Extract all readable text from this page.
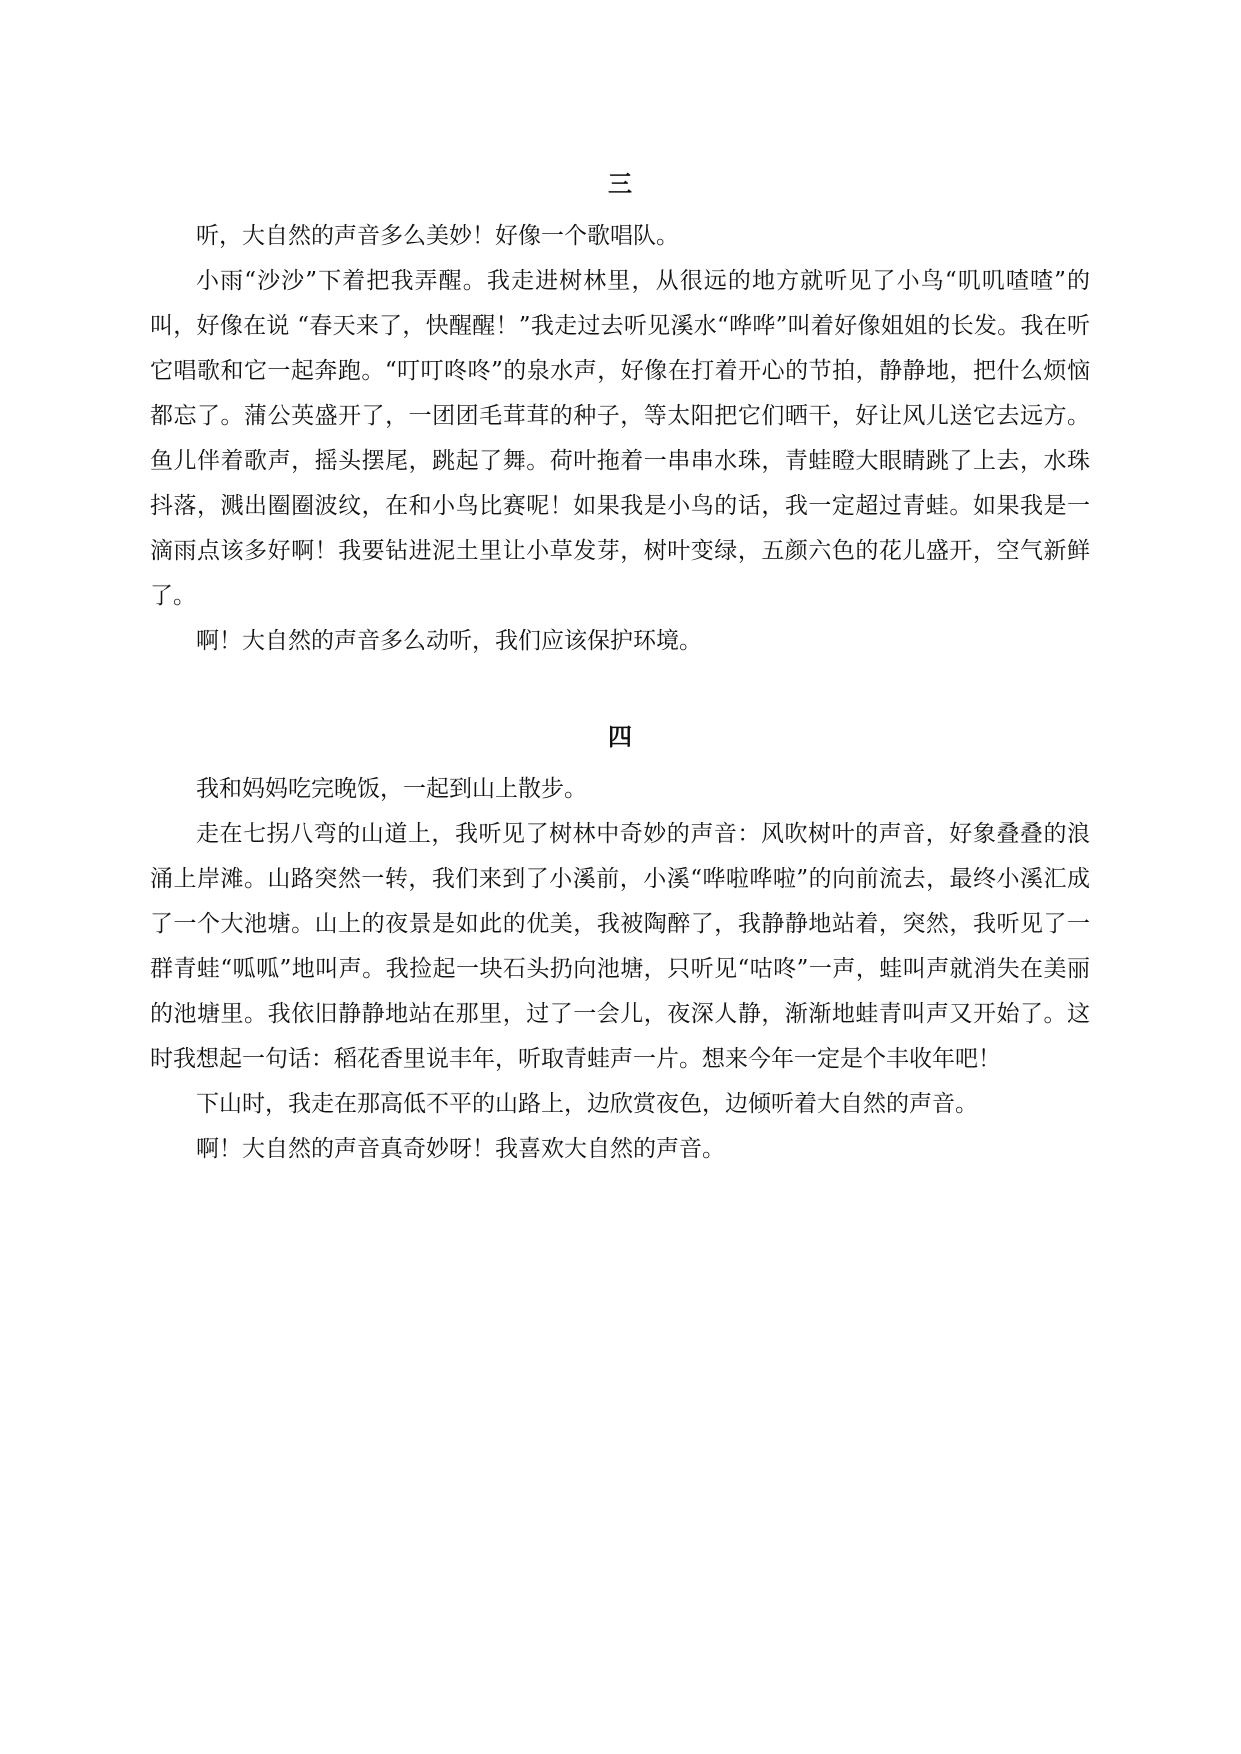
三

听，大自然的声音多么美妙！好像一个歌唱队。

小雨“沙沙”下着把我弄醒。我走进树林里，从很远的地方就听见了小鸟“叽叽喳喳”的叫，好像在说 “春天来了，快醒醒！”我走过去听见溪水“哗哗”叫着好像姐姐的长发。我在听它唱歌和它一起奔跑。“叮叮咚咚”的泉水声，好像在打着开心的节拍，静静地，把什么烦恼都忘了。蒲公英盛开了，一团团毛茸茸的种子，等太阳把它们晒干，好让风儿送它去远方。鱼儿伴着歌声，摇头摆尾，跳起了舞。荷叶拖着一串串水珠，青蛙瞪大眼睛跳了上去，水珠抖落，溅出圈圈波纹，在和小鸟比赛呢！如果我是小鸟的话，我一定超过青蛙。如果我是一滴雨点该多好啊！我要钻进泥土里让小草发芽，树叶变绿，五颜六色的花儿盛开，空气新鲜了。

啊！大自然的声音多么动听，我们应该保护环境。

四

我和妈妈吃完晚饭，一起到山上散步。

走在七拐八弯的山道上，我听见了树林中奇妙的声音：风吹树叶的声音，好象叠叠的浪涌上岸滩。山路突然一转，我们来到了小溪前，小溪“哗啦哗啦”的向前流去，最终小溪汇成了一个大池塘。山上的夜景是如此的优美，我被陶醉了，我静静地站着，突然，我听见了一群青蛙“呱呱”地叫声。我捡起一块石头扔向池塘，只听见“咕咚”一声，蛙叫声就消失在美丽的池塘里。我依旧静静地站在那里，过了一会儿，夜深人静，渐渐地蛙青叫声又开始了。这时我想起一句话：稻花香里说丰年，听取青蛙声一片。想来今年一定是个丰收年吧！

下山时，我走在那高低不平的山路上，边欣赏夜色，边倾听着大自然的声音。

啊！大自然的声音真奇妙呀！我喜欢大自然的声音。
